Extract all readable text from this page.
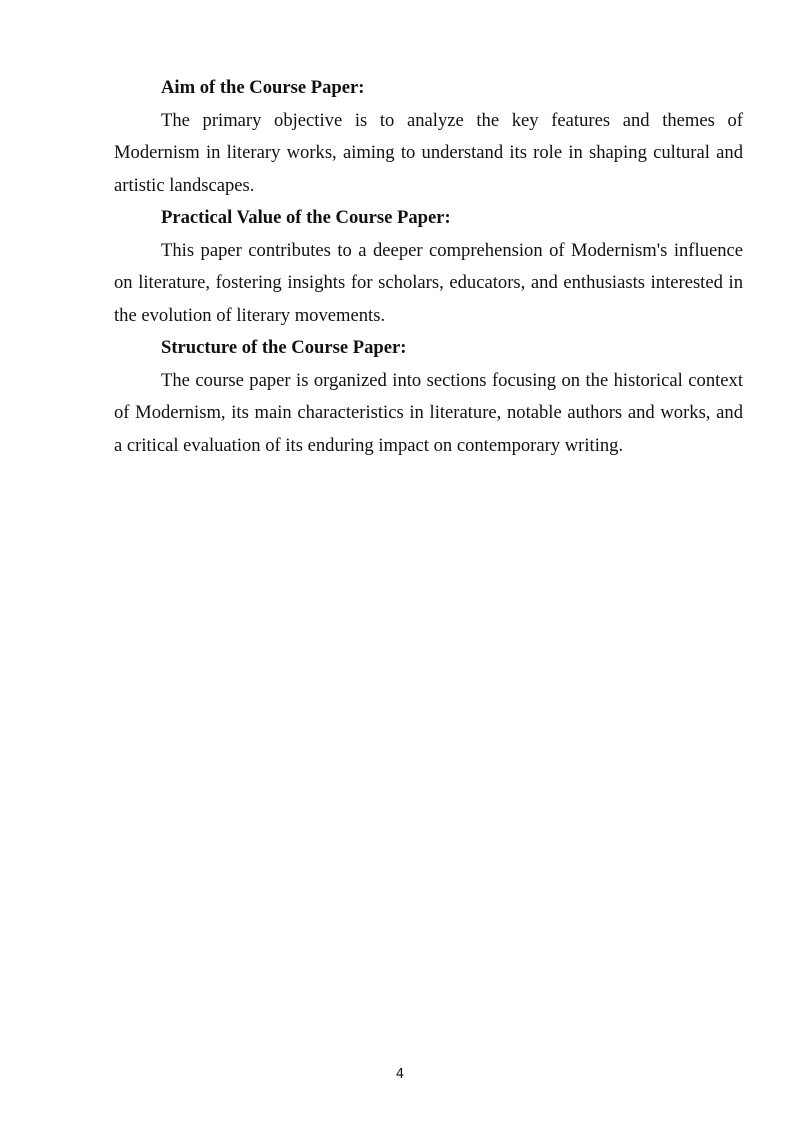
Aim of the Course Paper:

The primary objective is to analyze the key features and themes of Modernism in literary works, aiming to understand its role in shaping cultural and artistic landscapes.

Practical Value of the Course Paper:

This paper contributes to a deeper comprehension of Modernism's influence on literature, fostering insights for scholars, educators, and enthusiasts interested in the evolution of literary movements.

Structure of the Course Paper:

The course paper is organized into sections focusing on the historical context of Modernism, its main characteristics in literature, notable authors and works, and a critical evaluation of its enduring impact on contemporary writing.

4
